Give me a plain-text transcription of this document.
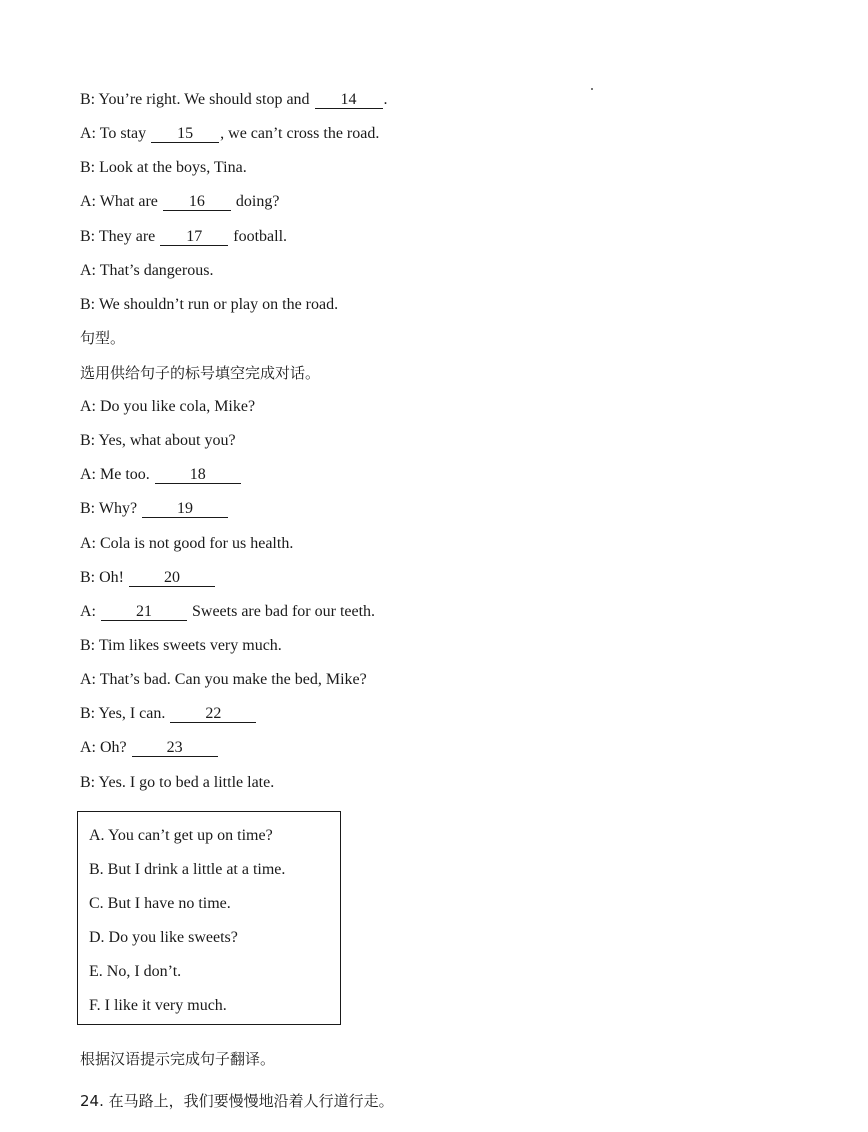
B: You’re right. We should stop and 14 .
A: To stay 15 , we can’t cross the road.
B: Look at the boys, Tina.
A: What are 16 doing?
B: They are 17 football.
A: That’s dangerous.
B: We shouldn’t run or play on the road.
句型。
选用供给句子的标号填空完成对话。
A: Do you like cola, Mike?
B: Yes, what about you?
A: Me too. 18
B: Why? 19
A: Cola is not good for us health.
B: Oh! 20
A:	21 Sweets are bad for our teeth.
B: Tim likes sweets very much.
A: That’s bad. Can you make the bed, Mike?
B: Yes, I can. 22
A: Oh? 23
B: Yes. I go to bed a little late.
A. You can’t get up on time?
B. But I drink a little at a time.
C. But I have no time.
D. Do you like sweets?
E. No, I don’t.
F. I like it very much.
根据汉语提示完成句子翻译。
24. 在马路上，我们要慢慢地沿着人行道行走。
